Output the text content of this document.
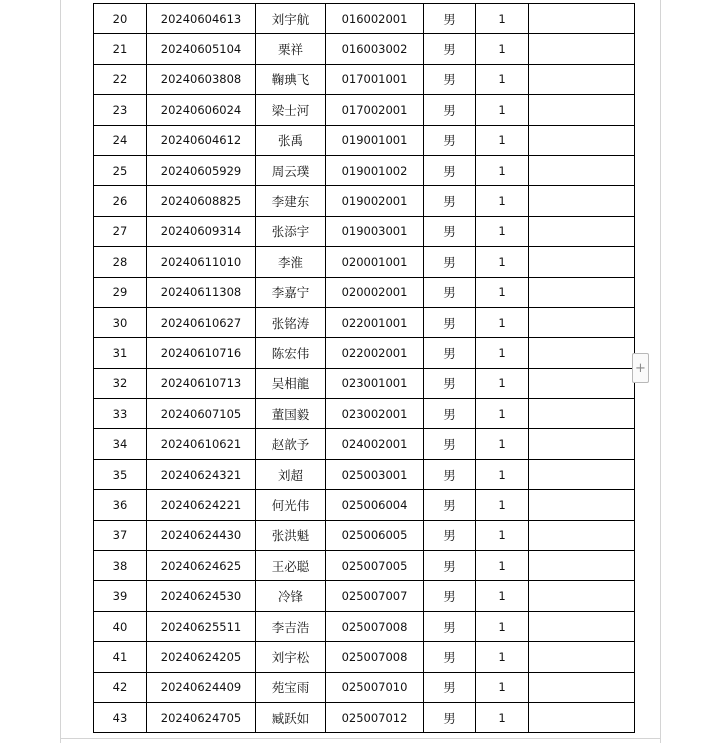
20	20240604613	刘宇航	016002001	男	1	
21	20240605104	栗祥	016003002	男	1	
22	20240603808	鞠琠飞	017001001	男	1	
23	20240606024	梁士河	017002001	男	1	
24	20240604612	张禹	019001001	男	1	
25	20240605929	周云璞	019001002	男	1	
26	20240608825	李建东	019002001	男	1	
27	20240609314	张添宇	019003001	男	1	
28	20240611010	李淮	020001001	男	1	
29	20240611308	李嘉宁	020002001	男	1	
30	20240610627	张铭涛	022001001	男	1	
31	20240610716	陈宏伟	022002001	男	1	
32	20240610713	吴相龍	023001001	男	1	
33	20240607105	董国毅	023002001	男	1	
34	20240610621	赵歆予	024002001	男	1	
35	20240624321	刘超	025003001	男	1	
36	20240624221	何光伟	025006004	男	1	
37	20240624430	张洪魁	025006005	男	1	
38	20240624625	王必聪	025007005	男	1	
39	20240624530	冷锋	025007007	男	1	
40	20240625511	李吉浩	025007008	男	1	
41	20240624205	刘宇松	025007008	男	1	
42	20240624409	苑宝雨	025007010	男	1	
43	20240624705	臧跃如	025007012	男	1	
+
